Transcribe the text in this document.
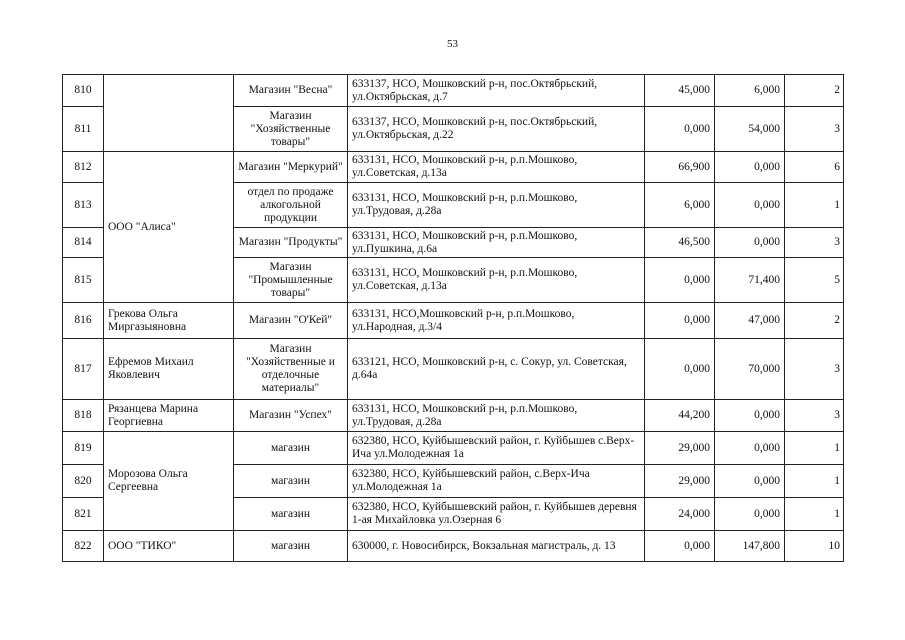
53
810		Магазин "Весна"	633137, НСО, Мошковский р-н, пос.Октябрьский, ул.Октябрьская, д.7	45,000	6,000	2
811		Магазин "Хозяйственные товары"	633137, НСО, Мошковский р-н, пос.Октябрьский, ул.Октябрьская, д.22	0,000	54,000	3
812	ООО "Алиса"	Магазин "Меркурий"	633131, НСО, Мошковский р-н, р.п.Мошково, ул.Советская, д.13а	66,900	0,000	6
813		отдел по продаже алкогольной продукции	633131, НСО, Мошковский р-н, р.п.Мошково, ул.Трудовая, д.28а	6,000	0,000	1
814		Магазин "Продукты"	633131, НСО, Мошковский р-н, р.п.Мошково, ул.Пушкина, д.6а	46,500	0,000	3
815		Магазин "Промышленные товары"	633131, НСО, Мошковский р-н, р.п.Мошково, ул.Советская, д.13а	0,000	71,400	5
816	Грекова Ольга Миргазыяновна	Магазин "О'Кей"	633131, НСО,Мошковский р-н, р.п.Мошково, ул.Народная, д.3/4	0,000	47,000	2
817	Ефремов Михаил Яковлевич	Магазин "Хозяйственные и отделочные материалы"	633121, НСО, Мошковский р-н, с. Сокур, ул. Советская, д.64а	0,000	70,000	3
818	Рязанцева Марина Георгиевна	Магазин "Успех"	633131, НСО, Мошковский р-н, р.п.Мошково, ул.Трудовая, д.28а	44,200	0,000	3
819	Морозова Ольга Сергеевна	магазин	632380, НСО, Куйбышевский район, г. Куйбышев с.Верх-Ича ул.Молодежная 1а	29,000	0,000	1
820		магазин	632380, НСО, Куйбышевский район, с.Верх-Ича ул.Молодежная 1а	29,000	0,000	1
821		магазин	632380, НСО, Куйбышевский район, г. Куйбышев деревня 1-ая Михайловка ул.Озерная 6	24,000	0,000	1
822	ООО "ТИКО"	магазин	630000, г. Новосибирск, Вокзальная магистраль, д. 13	0,000	147,800	10
